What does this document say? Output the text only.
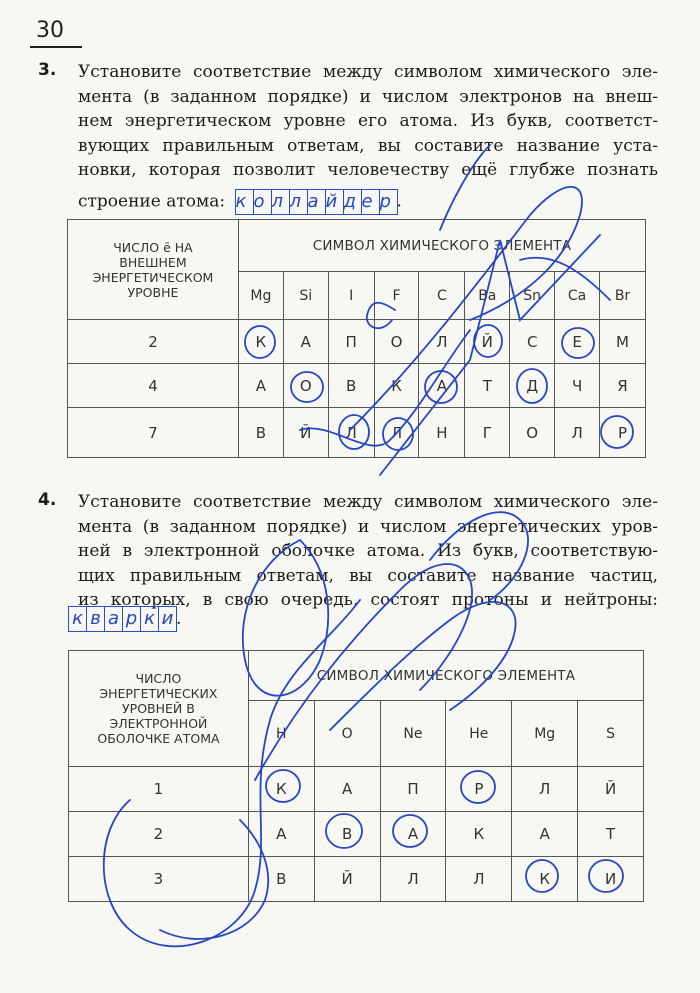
30
3. Установите соответствие между символом химического эле-
мента (в заданном порядке) и числом электронов на внеш-
нем энергетическом уровне его атома. Из букв, соответст-
вующих правильным ответам, вы составите название уста-
новки, которая позволит человечеству ещё глубже познать
строение атома: к о л л а й д е р .
ЧИСЛО ē НА ВНЕШНЕМ ЭНЕРГЕТИЧЕСКОМ УРОВНЕ	СИМВОЛ ХИМИЧЕСКОГО ЭЛЕМЕНТА								
	Mg	Si	I	F	C	Ba	Sn	Ca	Br
2	К	А	П	О	Л	Й	С	Е	М
4	А	О	В	К	А	Т	Д	Ч	Я
7	В	Й	Л	Л	Н	Г	О	Л	Р
4. Установите соответствие между символом химического эле-
мента (в заданном порядке) и числом энергетических уров-
ней в электронной оболочке атома. Из букв, соответствую-
щих правильным ответам, вы составите название частиц,
из которых, в свою очередь, состоят протоны и нейтроны:
к в а р к и .
ЧИСЛО ЭНЕРГЕТИЧЕСКИХ УРОВНЕЙ В ЭЛЕКТРОННОЙ ОБОЛОЧКЕ АТОМА	СИМВОЛ ХИМИЧЕСКОГО ЭЛЕМЕНТА					
	H	O	Ne	He	Mg	S
1	К	А	П	Р	Л	Й
2	А	В	А	К	А	Т
3	В	Й	Л	Л	К	И
